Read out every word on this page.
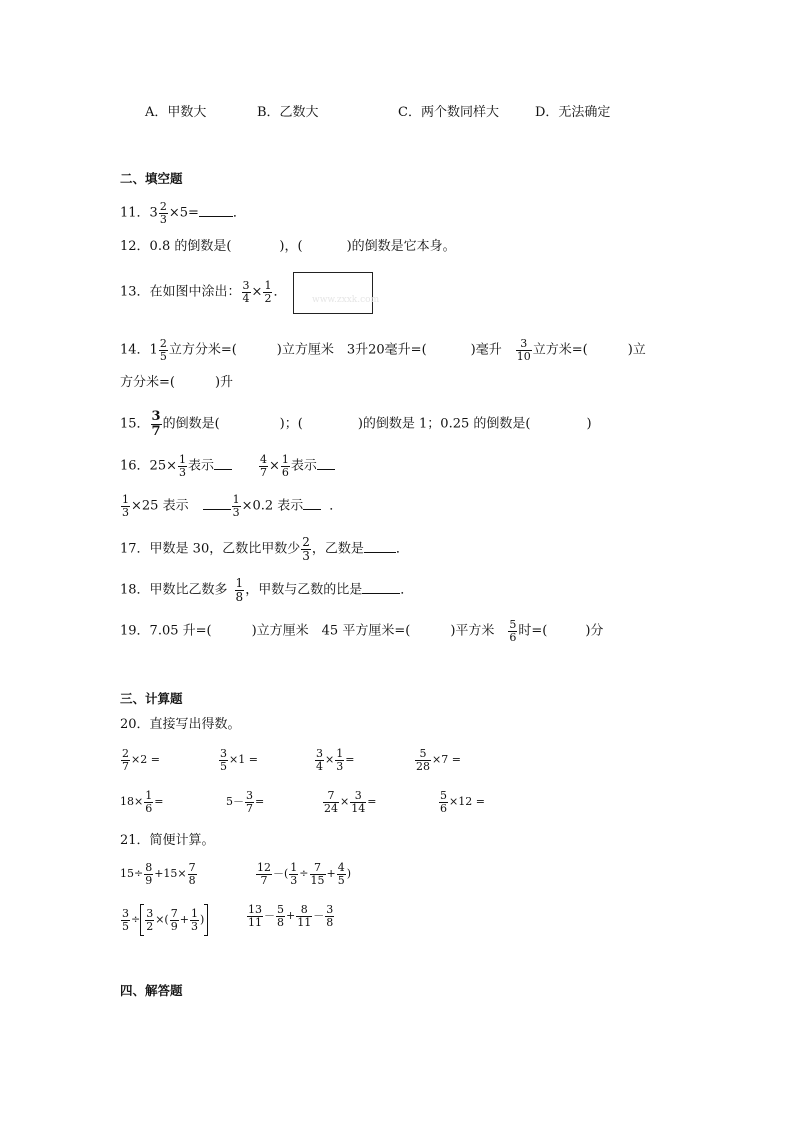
A．甲数大	B．乙数大	C．两个数同样大	D．无法确定
二、填空题
11．$3 \frac{2}{3} \times 5=$	．
12．0.8 的倒数是(	)，(	)的倒数是它本身。
13．在如图中涂出： $\frac{3}{4} \times \frac{1}{2}$ ．
www.zxxk.com
14．$1 \frac{2}{5}$ 立方分米=(	)立方厘米　3升20毫升=(	)毫升　 $\frac{3}{10}$ 立方米=(	)立
方分米=(	)升
15． $\frac{3}{7}$ 的倒数是(	)；(	)的倒数是 1；0.25 的倒数是(	)
16．$25\times \frac{1}{3}$ 表示	$\frac{4}{7} \times \frac{1}{6}$ 表示
$\frac{1}{3} \times 25$ 表示	$\frac{1}{3} \times 0.2$ 表示 ．
17．甲数是 30，乙数比甲数少 $\frac{2}{3}$ ，乙数是 ．
18．甲数比乙数多 $\frac{1}{8}$ ，甲数与乙数的比是	．
19．7.05 升=(	)立方厘米　45 平方厘米=(	)平方米　 $\frac{5}{6}$ 时=(	)分
三、计算题
20．直接写出得数。
$\frac{2}{7} \times 2$ =	$\frac{3}{5} \times 1$ =	$\frac{3}{4} \times \frac{1}{3}$ =	$\frac{5}{28} \times 7$ =
$18\times \frac{1}{6}$ =	$5- \frac{3}{7}$ =	$\frac{7}{24} \times \frac{3}{14}$ =	$\frac{5}{6} \times 12$ =
21．简便计算。
$15\div \frac{8}{9} +15\times \frac{7}{8}$	$\frac{12}{7}$ －( $\frac{1}{3} \div \frac{7}{15} + \frac{4}{5}$ )
$\frac{3}{5} \div \frac{3}{2}$ ×( $\frac{7}{9} + \frac{1}{3}$ )	$\frac{13}{11} - \frac{5}{8} + \frac{8}{11} - \frac{3}{8}$
四、解答题
